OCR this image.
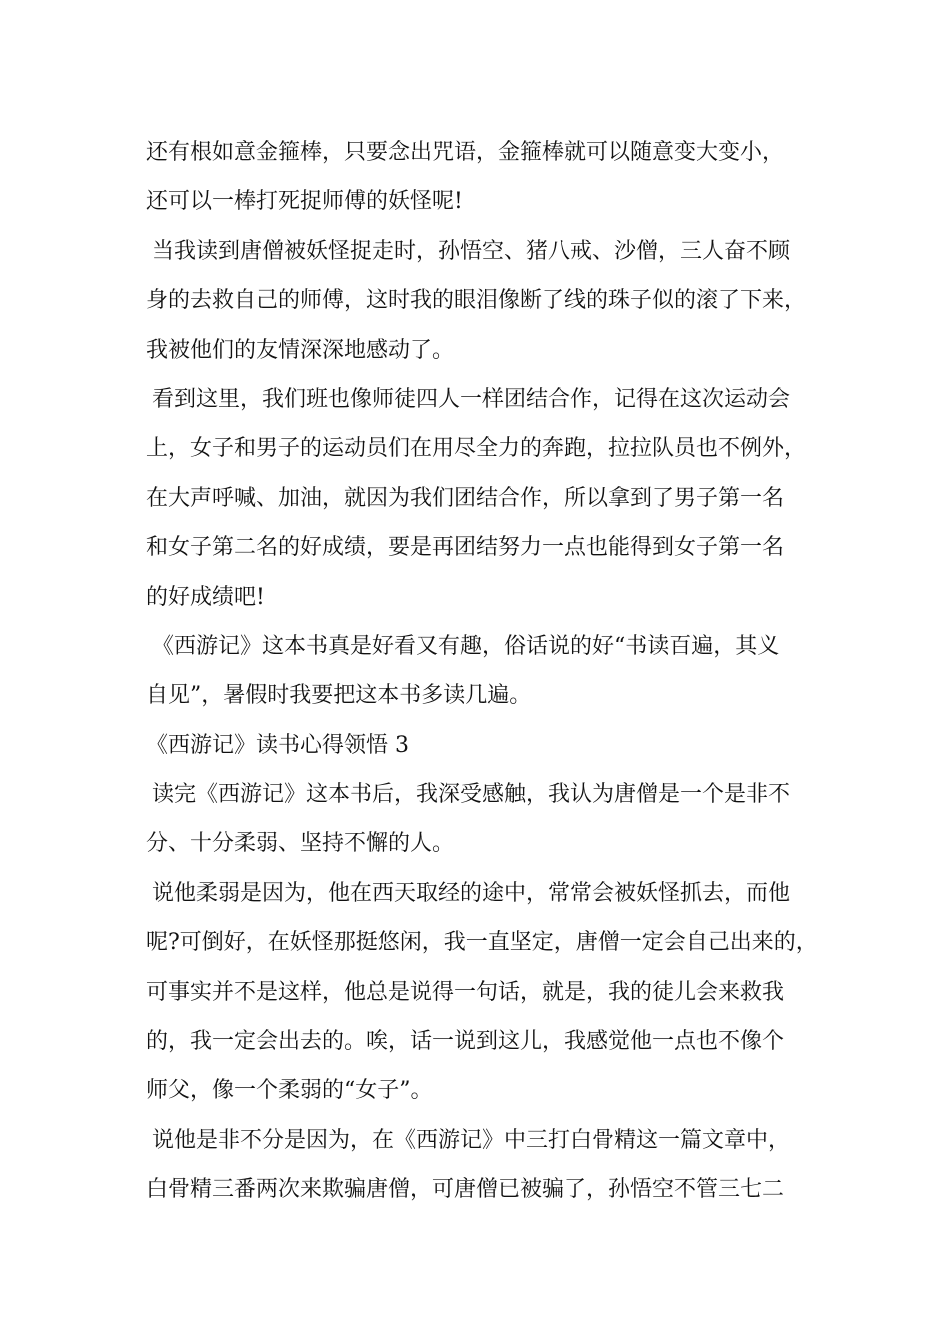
还有根如意金箍棒，只要念出咒语，金箍棒就可以随意变大变小，
还可以一棒打死捉师傅的妖怪呢!
当我读到唐僧被妖怪捉走时，孙悟空、猪八戒、沙僧，三人奋不顾
身的去救自己的师傅，这时我的眼泪像断了线的珠子似的滚了下来，
我被他们的友情深深地感动了。
看到这里，我们班也像师徒四人一样团结合作，记得在这次运动会
上，女子和男子的运动员们在用尽全力的奔跑，拉拉队员也不例外，
在大声呼喊、加油，就因为我们团结合作，所以拿到了男子第一名
和女子第二名的好成绩，要是再团结努力一点也能得到女子第一名
的好成绩吧!
《西游记》这本书真是好看又有趣，俗话说的好“书读百遍，其义
自见”，暑假时我要把这本书多读几遍。
《西游记》读书心得领悟 3
读完《西游记》这本书后，我深受感触，我认为唐僧是一个是非不
分、十分柔弱、坚持不懈的人。
说他柔弱是因为，他在西天取经的途中，常常会被妖怪抓去，而他
呢?可倒好，在妖怪那挺悠闲，我一直坚定，唐僧一定会自己出来的，
可事实并不是这样，他总是说得一句话，就是，我的徒儿会来救我
的，我一定会出去的。唉，话一说到这儿，我感觉他一点也不像个
师父，像一个柔弱的“女子”。
说他是非不分是因为，在《西游记》中三打白骨精这一篇文章中，
白骨精三番两次来欺骗唐僧，可唐僧已被骗了，孙悟空不管三七二
